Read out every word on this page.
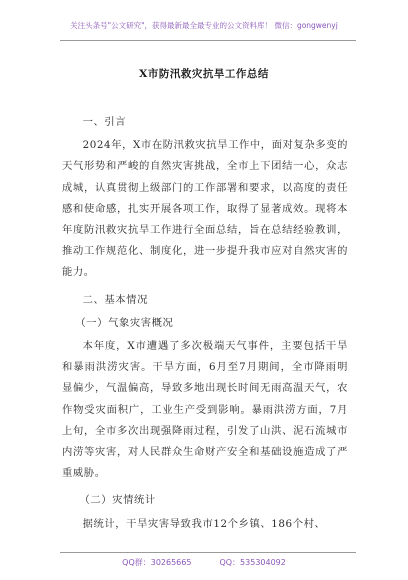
关注头条号"公文研究"，获得最新最全最专业的公文资料库！ 微信：gongwenyj
X市防汛救灾抗旱工作总结

一、引言

2024年，X市在防汛救灾抗旱工作中，面对复杂多变的天气形势和严峻的自然灾害挑战，全市上下团结一心，众志成城，认真贯彻上级部门的工作部署和要求，以高度的责任感和使命感，扎实开展各项工作，取得了显著成效。现将本年度防汛救灾抗旱工作进行全面总结，旨在总结经验教训，推动工作规范化、制度化，进一步提升我市应对自然灾害的能力。

二、基本情况

（一）气象灾害概况

本年度，X市遭遇了多次极端天气事件，主要包括干旱和暴雨洪涝灾害。干旱方面，6月至7月期间，全市降雨明显偏少，气温偏高，导致多地出现长时间无雨高温天气，农作物受灾面积广，工业生产受到影响。暴雨洪涝方面，7月上旬，全市多次出现强降雨过程，引发了山洪、泥石流城市内涝等灾害，对人民群众生命财产安全和基础设施造成了严重威胁。

（二）灾情统计

据统计，干旱灾害导致我市12个乡镇、186个村、

QQ群：30265665	QQ：535304092
